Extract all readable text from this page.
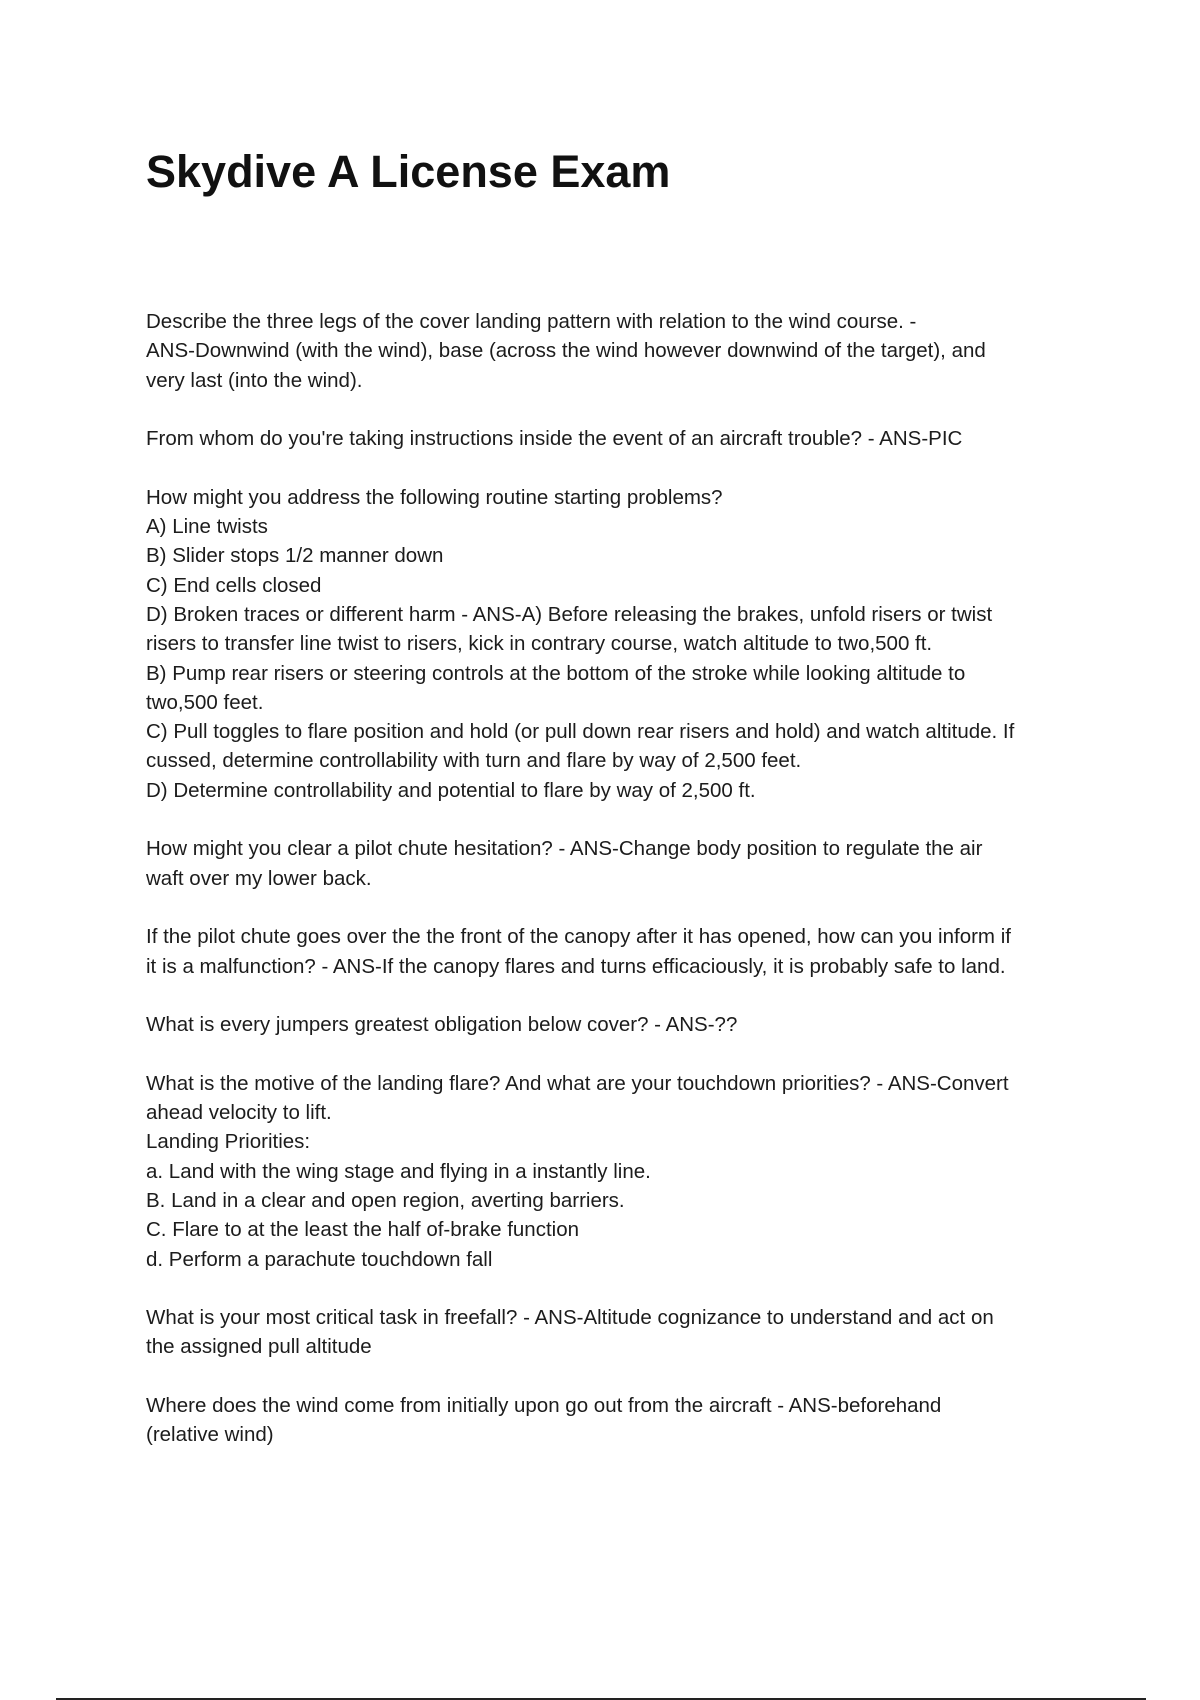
Skydive A License Exam
Describe the three legs of the cover landing pattern with relation to the wind course. -
ANS-Downwind (with the wind), base (across the wind however downwind of the target), and
very last (into the wind).
From whom do you're taking instructions inside the event of an aircraft trouble? - ANS-PIC
How might you address the following routine starting problems?
A) Line twists
B) Slider stops 1/2 manner down
C) End cells closed
D) Broken traces or different harm - ANS-A) Before releasing the brakes, unfold risers or twist
risers to transfer line twist to risers, kick in contrary course, watch altitude to two,500 ft.
B) Pump rear risers or steering controls at the bottom of the stroke while looking altitude to
two,500 feet.
C) Pull toggles to flare position and hold (or pull down rear risers and hold) and watch altitude. If
cussed, determine controllability with turn and flare by way of 2,500 feet.
D) Determine controllability and potential to flare by way of 2,500 ft.
How might you clear a pilot chute hesitation? - ANS-Change body position to regulate the air
waft over my lower back.
If the pilot chute goes over the the front of the canopy after it has opened, how can you inform if
it is a malfunction? - ANS-If the canopy flares and turns efficaciously, it is probably safe to land.
What is every jumpers greatest obligation below cover? - ANS-??
What is the motive of the landing flare? And what are your touchdown priorities? - ANS-Convert
ahead velocity to lift.
Landing Priorities:
a. Land with the wing stage and flying in a instantly line.
B. Land in a clear and open region, averting barriers.
C. Flare to at the least the half of-brake function
d. Perform a parachute touchdown fall
What is your most critical task in freefall? - ANS-Altitude cognizance to understand and act on
the assigned pull altitude
Where does the wind come from initially upon go out from the aircraft - ANS-beforehand
(relative wind)
